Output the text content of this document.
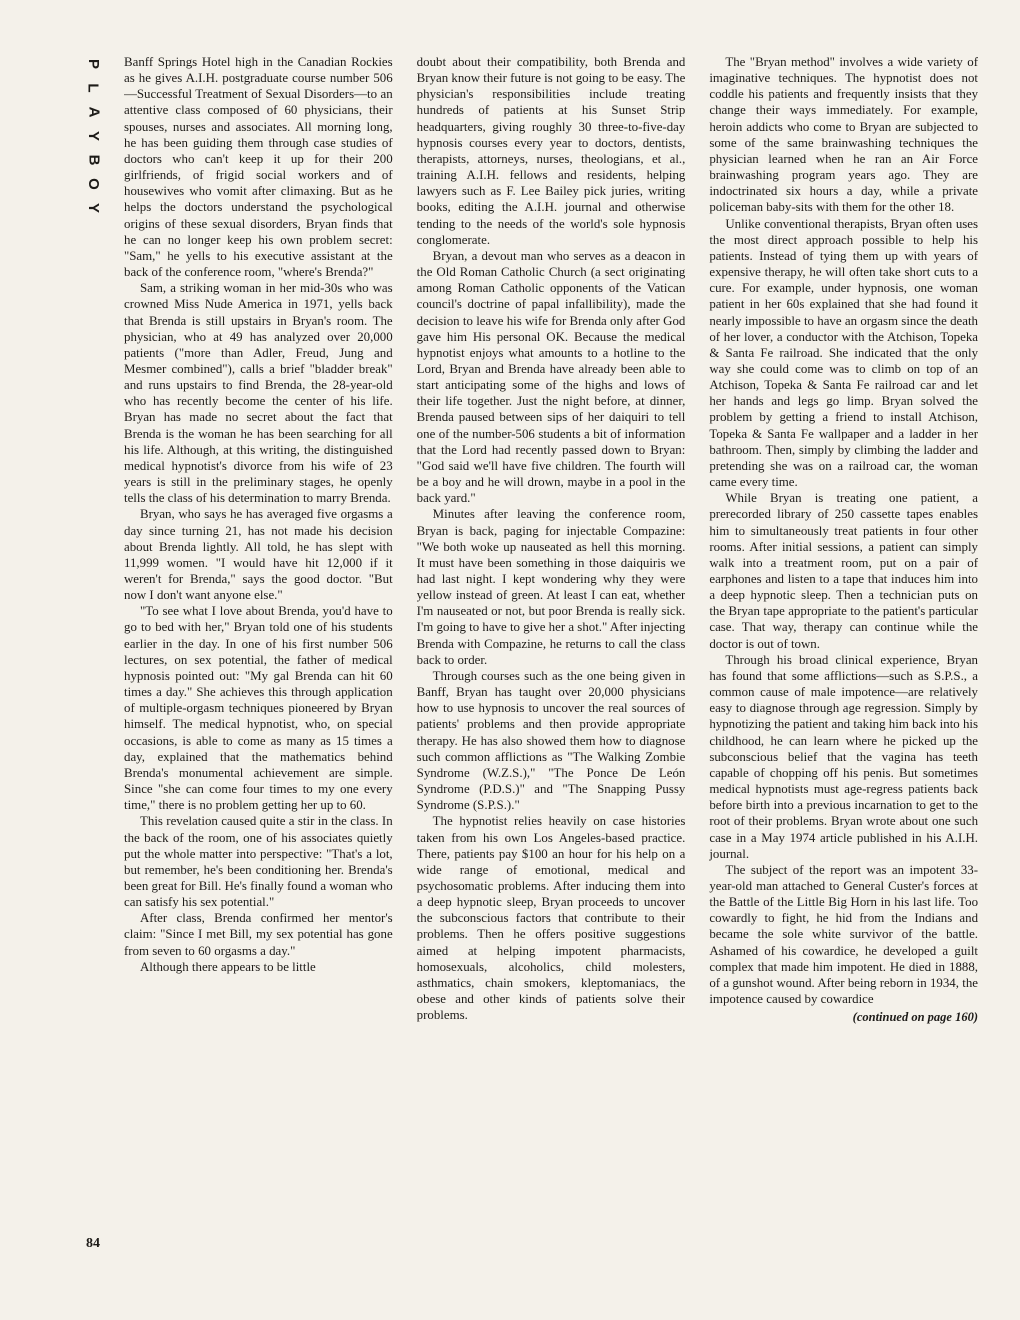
P
L
A
Y
B
O
Y
84

Banff Springs Hotel high in the Canadian Rockies as he gives A.I.H. postgraduate course number 506—Successful Treatment of Sexual Disorders—to an attentive class composed of 60 physicians, their spouses, nurses and associates. All morning long, he has been guiding them through case studies of doctors who can't keep it up for their 200 girlfriends, of frigid social workers and of housewives who vomit after climaxing. But as he helps the doctors understand the psychological origins of these sexual disorders, Bryan finds that he can no longer keep his own problem secret: "Sam," he yells to his executive assistant at the back of the conference room, "where's Brenda?"

Sam, a striking woman in her mid-30s who was crowned Miss Nude America in 1971, yells back that Brenda is still upstairs in Bryan's room. The physician, who at 49 has analyzed over 20,000 patients ("more than Adler, Freud, Jung and Mesmer combined"), calls a brief "bladder break" and runs upstairs to find Brenda, the 28-year-old who has recently become the center of his life. Bryan has made no secret about the fact that Brenda is the woman he has been searching for all his life. Although, at this writing, the distinguished medical hypnotist's divorce from his wife of 23 years is still in the preliminary stages, he openly tells the class of his determination to marry Brenda.

Bryan, who says he has averaged five orgasms a day since turning 21, has not made his decision about Brenda lightly. All told, he has slept with 11,999 women. "I would have hit 12,000 if it weren't for Brenda," says the good doctor. "But now I don't want anyone else."

"To see what I love about Brenda, you'd have to go to bed with her," Bryan told one of his students earlier in the day. In one of his first number 506 lectures, on sex potential, the father of medical hypnosis pointed out: "My gal Brenda can hit 60 times a day." She achieves this through application of multiple-orgasm techniques pioneered by Bryan himself. The medical hypnotist, who, on special occasions, is able to come as many as 15 times a day, explained that the mathematics behind Brenda's monumental achievement are simple. Since "she can come four times to my one every time," there is no problem getting her up to 60.

This revelation caused quite a stir in the class. In the back of the room, one of his associates quietly put the whole matter into perspective: "That's a lot, but remember, he's been conditioning her. Brenda's been great for Bill. He's finally found a woman who can satisfy his sex potential."

After class, Brenda confirmed her mentor's claim: "Since I met Bill, my sex potential has gone from seven to 60 orgasms a day."

Although there appears to be little

doubt about their compatibility, both Brenda and Bryan know their future is not going to be easy. The physician's responsibilities include treating hundreds of patients at his Sunset Strip headquarters, giving roughly 30 three-to-five-day hypnosis courses every year to doctors, dentists, therapists, attorneys, nurses, theologians, et al., training A.I.H. fellows and residents, helping lawyers such as F. Lee Bailey pick juries, writing books, editing the A.I.H. journal and otherwise tending to the needs of the world's sole hypnosis conglomerate.

Bryan, a devout man who serves as a deacon in the Old Roman Catholic Church (a sect originating among Roman Catholic opponents of the Vatican council's doctrine of papal infallibility), made the decision to leave his wife for Brenda only after God gave him His personal OK. Because the medical hypnotist enjoys what amounts to a hotline to the Lord, Bryan and Brenda have already been able to start anticipating some of the highs and lows of their life together. Just the night before, at dinner, Brenda paused between sips of her daiquiri to tell one of the number-506 students a bit of information that the Lord had recently passed down to Bryan: "God said we'll have five children. The fourth will be a boy and he will drown, maybe in a pool in the back yard."

Minutes after leaving the conference room, Bryan is back, paging for injectable Compazine: "We both woke up nauseated as hell this morning. It must have been something in those daiquiris we had last night. I kept wondering why they were yellow instead of green. At least I can eat, whether I'm nauseated or not, but poor Brenda is really sick. I'm going to have to give her a shot." After injecting Brenda with Compazine, he returns to call the class back to order.

Through courses such as the one being given in Banff, Bryan has taught over 20,000 physicians how to use hypnosis to uncover the real sources of patients' problems and then provide appropriate therapy. He has also showed them how to diagnose such common afflictions as "The Walking Zombie Syndrome (W.Z.S.)," "The Ponce De León Syndrome (P.D.S.)" and "The Snapping Pussy Syndrome (S.P.S.)."

The hypnotist relies heavily on case histories taken from his own Los Angeles-based practice. There, patients pay $100 an hour for his help on a wide range of emotional, medical and psychosomatic problems. After inducing them into a deep hypnotic sleep, Bryan proceeds to uncover the subconscious factors that contribute to their problems. Then he offers positive suggestions aimed at helping impotent pharmacists, homosexuals, alcoholics, child molesters, asthmatics, chain smokers, kleptomaniacs, the obese and other kinds of patients solve their problems.

The "Bryan method" involves a wide variety of imaginative techniques. The hypnotist does not coddle his patients and frequently insists that they change their ways immediately. For example, heroin addicts who come to Bryan are subjected to some of the same brainwashing techniques the physician learned when he ran an Air Force brainwashing program years ago. They are indoctrinated six hours a day, while a private policeman baby-sits with them for the other 18.

Unlike conventional therapists, Bryan often uses the most direct approach possible to help his patients. Instead of tying them up with years of expensive therapy, he will often take short cuts to a cure. For example, under hypnosis, one woman patient in her 60s explained that she had found it nearly impossible to have an orgasm since the death of her lover, a conductor with the Atchison, Topeka & Santa Fe railroad. She indicated that the only way she could come was to climb on top of an Atchison, Topeka & Santa Fe railroad car and let her hands and legs go limp. Bryan solved the problem by getting a friend to install Atchison, Topeka & Santa Fe wallpaper and a ladder in her bathroom. Then, simply by climbing the ladder and pretending she was on a railroad car, the woman came every time.

While Bryan is treating one patient, a prerecorded library of 250 cassette tapes enables him to simultaneously treat patients in four other rooms. After initial sessions, a patient can simply walk into a treatment room, put on a pair of earphones and listen to a tape that induces him into a deep hypnotic sleep. Then a technician puts on the Bryan tape appropriate to the patient's particular case. That way, therapy can continue while the doctor is out of town.

Through his broad clinical experience, Bryan has found that some afflictions—such as S.P.S., a common cause of male impotence—are relatively easy to diagnose through age regression. Simply by hypnotizing the patient and taking him back into his childhood, he can learn where he picked up the subconscious belief that the vagina has teeth capable of chopping off his penis. But sometimes medical hypnotists must age-regress patients back before birth into a previous incarnation to get to the root of their problems. Bryan wrote about one such case in a May 1974 article published in his A.I.H. journal.

The subject of the report was an impotent 33-year-old man attached to General Custer's forces at the Battle of the Little Big Horn in his last life. Too cowardly to fight, he hid from the Indians and became the sole white survivor of the battle. Ashamed of his cowardice, he developed a guilt complex that made him impotent. He died in 1888, of a gunshot wound. After being reborn in 1934, the impotence caused by cowardice

(continued on page 160)
